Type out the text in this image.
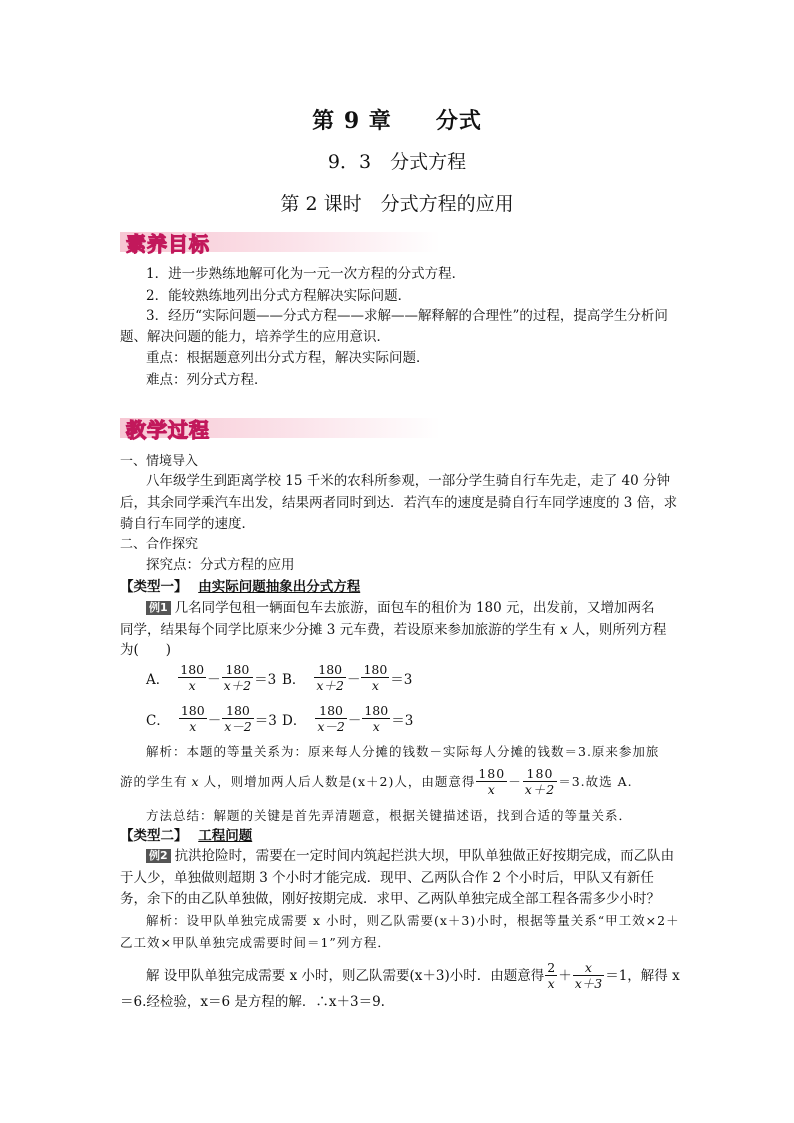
第 9 章 分式
9．3　分式方程
第 2 课时　分式方程的应用
素养目标
1．进一步熟练地解可化为一元一次方程的分式方程．
2．能较熟练地列出分式方程解决实际问题．
3．经历“实际问题——分式方程——求解——解释解的合理性”的过程，提高学生分析问题、解决问题的能力，培养学生的应用意识．
重点：根据题意列出分式方程，解决实际问题．
难点：列分式方程．
教学过程
一、情境导入
八年级学生到距离学校 15 千米的农科所参观，一部分学生骑自行车先走，走了 40 分钟后，其余同学乘汽车出发，结果两者同时到达．若汽车的速度是骑自行车同学速度的 3 倍，求骑自行车同学的速度．
二、合作探究
探究点：分式方程的应用
【类型一】 由实际问题抽象出分式方程
例1 几名同学包租一辆面包车去旅游，面包车的租价为 180 元，出发前，又增加两名
同学，结果每个同学比原来少分摊 3 元车费，若设原来参加旅游的学生有 x 人，则所列方程
为(　　)
A． $\frac{180}{x} - \frac{180}{x+2} =3$ B． $\frac{180}{x+2} - \frac{180}{x} =3$
C． $\frac{180}{x} - \frac{180}{x-2} =3$ D． $\frac{180}{x-2} - \frac{180}{x} =3$
解析：本题的等量关系为：原来每人分摊的钱数－实际每人分摊的钱数＝3.原来参加旅
游的学生有 x 人，则增加两人后人数是(x＋2)人，由题意得 $\frac{180}{x} - \frac{180}{x+2} =3$.故选 A.
方法总结：解题的关键是首先弄清题意，根据关键描述语，找到合适的等量关系．
【类型二】 工程问题
例2 抗洪抢险时，需要在一定时间内筑起拦洪大坝，甲队单独做正好按期完成，而乙队由于人少，单独做则超期 3 个小时才能完成．现甲、乙两队合作 2 个小时后，甲队又有新任务，余下的由乙队单独做，刚好按期完成．求甲、乙两队单独完成全部工程各需多少小时？
解析：设甲队单独完成需要 x 小时，则乙队需要(x＋3)小时，根据等量关系“甲工效×2＋乙工效×甲队单独完成需要时间＝1”列方程．
解 设甲队单独完成需要 x 小时，则乙队需要(x＋3)小时．由题意得 $\frac{2}{x} + \frac{x}{x+3} =1$，解得 x
＝6.经检验，x＝6 是方程的解．∴x＋3＝9.
